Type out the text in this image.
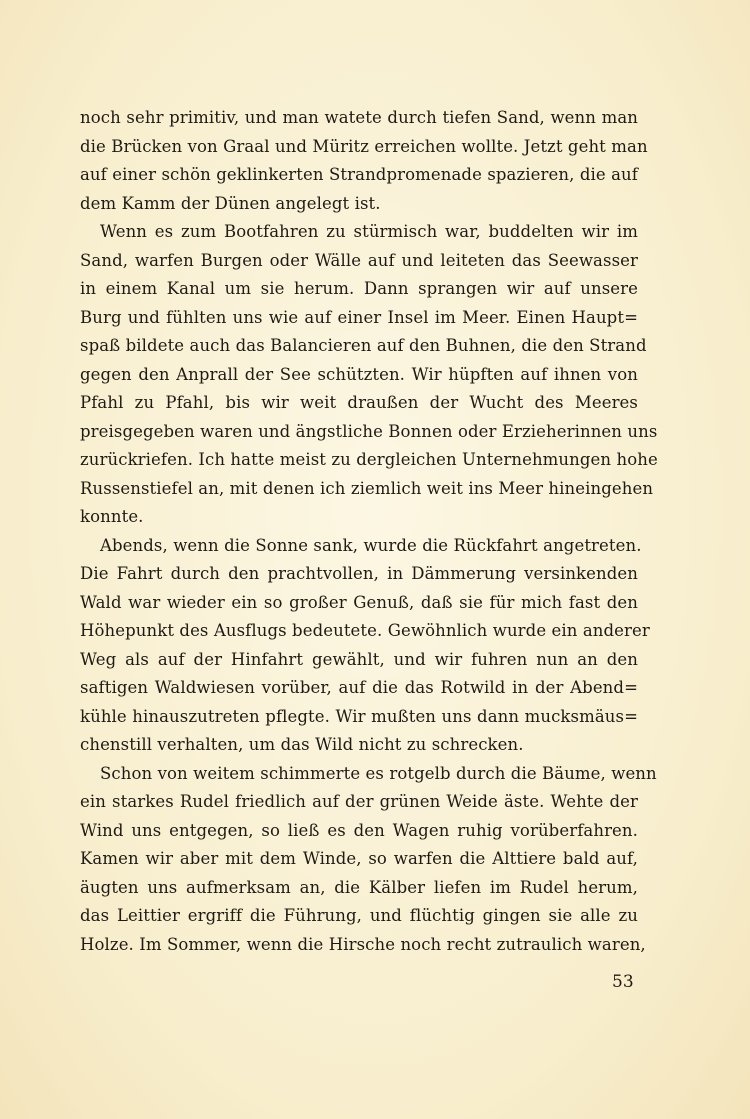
noch sehr primitiv, und man watete durch tiefen Sand, wenn man
die Brücken von Graal und Müritz erreichen wollte. Jetzt geht man
auf einer schön geklinkerten Strandpromenade spazieren, die auf
dem Kamm der Dünen angelegt ist.
Wenn es zum Bootfahren zu stürmisch war, buddelten wir im
Sand, warfen Burgen oder Wälle auf und leiteten das Seewasser
in einem Kanal um sie herum. Dann sprangen wir auf unsere
Burg und fühlten uns wie auf einer Insel im Meer. Einen Haupt=
spaß bildete auch das Balancieren auf den Buhnen, die den Strand
gegen den Anprall der See schützten. Wir hüpften auf ihnen von
Pfahl zu Pfahl, bis wir weit draußen der Wucht des Meeres
preisgegeben waren und ängstliche Bonnen oder Erzieherinnen uns
zurückriefen. Ich hatte meist zu dergleichen Unternehmungen hohe
Russenstiefel an, mit denen ich ziemlich weit ins Meer hineingehen
konnte.
Abends, wenn die Sonne sank, wurde die Rückfahrt angetreten.
Die Fahrt durch den prachtvollen, in Dämmerung versinkenden
Wald war wieder ein so großer Genuß, daß sie für mich fast den
Höhepunkt des Ausflugs bedeutete. Gewöhnlich wurde ein anderer
Weg als auf der Hinfahrt gewählt, und wir fuhren nun an den
saftigen Waldwiesen vorüber, auf die das Rotwild in der Abend=
kühle hinauszutreten pflegte. Wir mußten uns dann mucksmäus=
chenstill verhalten, um das Wild nicht zu schrecken.
Schon von weitem schimmerte es rotgelb durch die Bäume, wenn
ein starkes Rudel friedlich auf der grünen Weide äste. Wehte der
Wind uns entgegen, so ließ es den Wagen ruhig vorüberfahren.
Kamen wir aber mit dem Winde, so warfen die Alttiere bald auf,
äugten uns aufmerksam an, die Kälber liefen im Rudel herum,
das Leittier ergriff die Führung, und flüchtig gingen sie alle zu
Holze. Im Sommer, wenn die Hirsche noch recht zutraulich waren,
53
